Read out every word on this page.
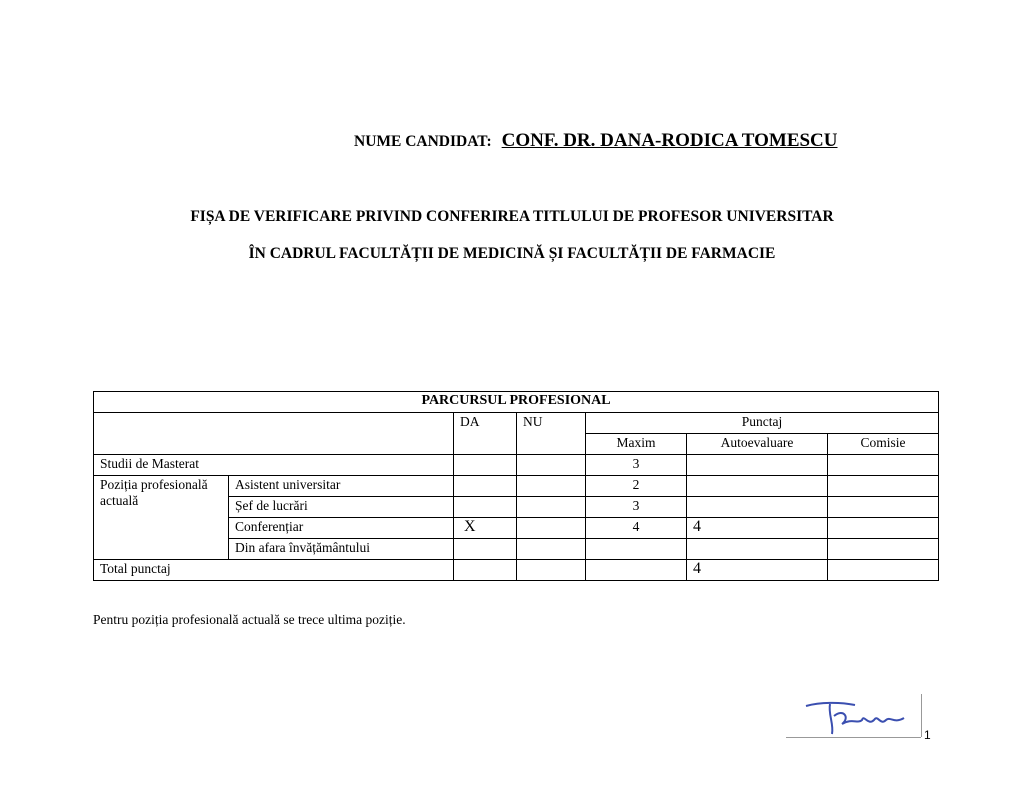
NUME CANDIDAT: CONF. DR. DANA-RODICA TOMESCU
FIȘA DE VERIFICARE PRIVIND CONFERIREA TITLULUI DE PROFESOR UNIVERSITAR
ÎN CADRUL FACULTĂȚII DE MEDICINĂ ȘI FACULTĂȚII DE FARMACIE
PARCURSUL PROFESIONAL						
		DA	NU	Punctaj		
				Maxim	Autoevaluare	Comisie
Studii de Masterat				3		
Poziția profesională actuală	Asistent universitar			2		
	Șef de lucrări			3		
	Conferențiar	X		4	4	
	Din afara învățământului					
Total punctaj					4	
Pentru poziția profesională actuală se trece ultima poziție.
1
